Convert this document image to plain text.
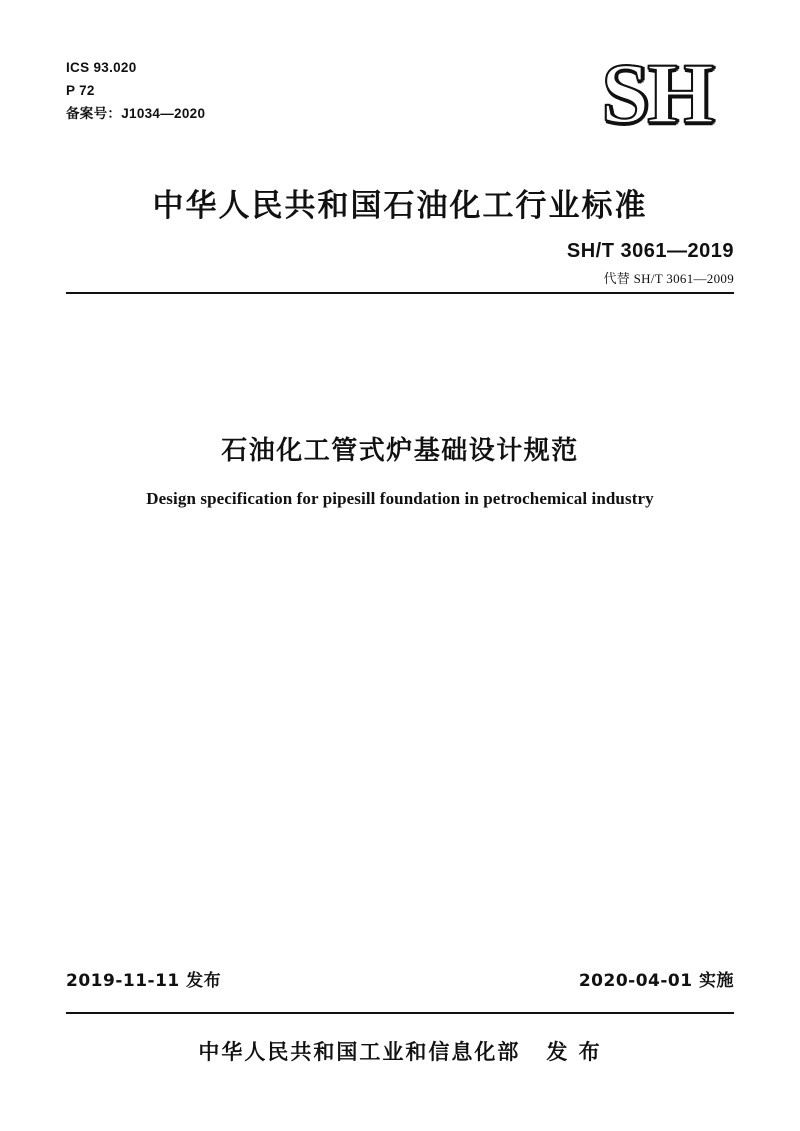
ICS 93.020
P 72
备案号：J1034—2020	SH
中华人民共和国石油化工行业标准
SH/T 3061—2019
代替 SH/T 3061—2009
石油化工管式炉基础设计规范
Design specification for pipesill foundation in petrochemical industry
2019-11-11 发布	2020-04-01 实施
中华人民共和国工业和信息化部 发 布
